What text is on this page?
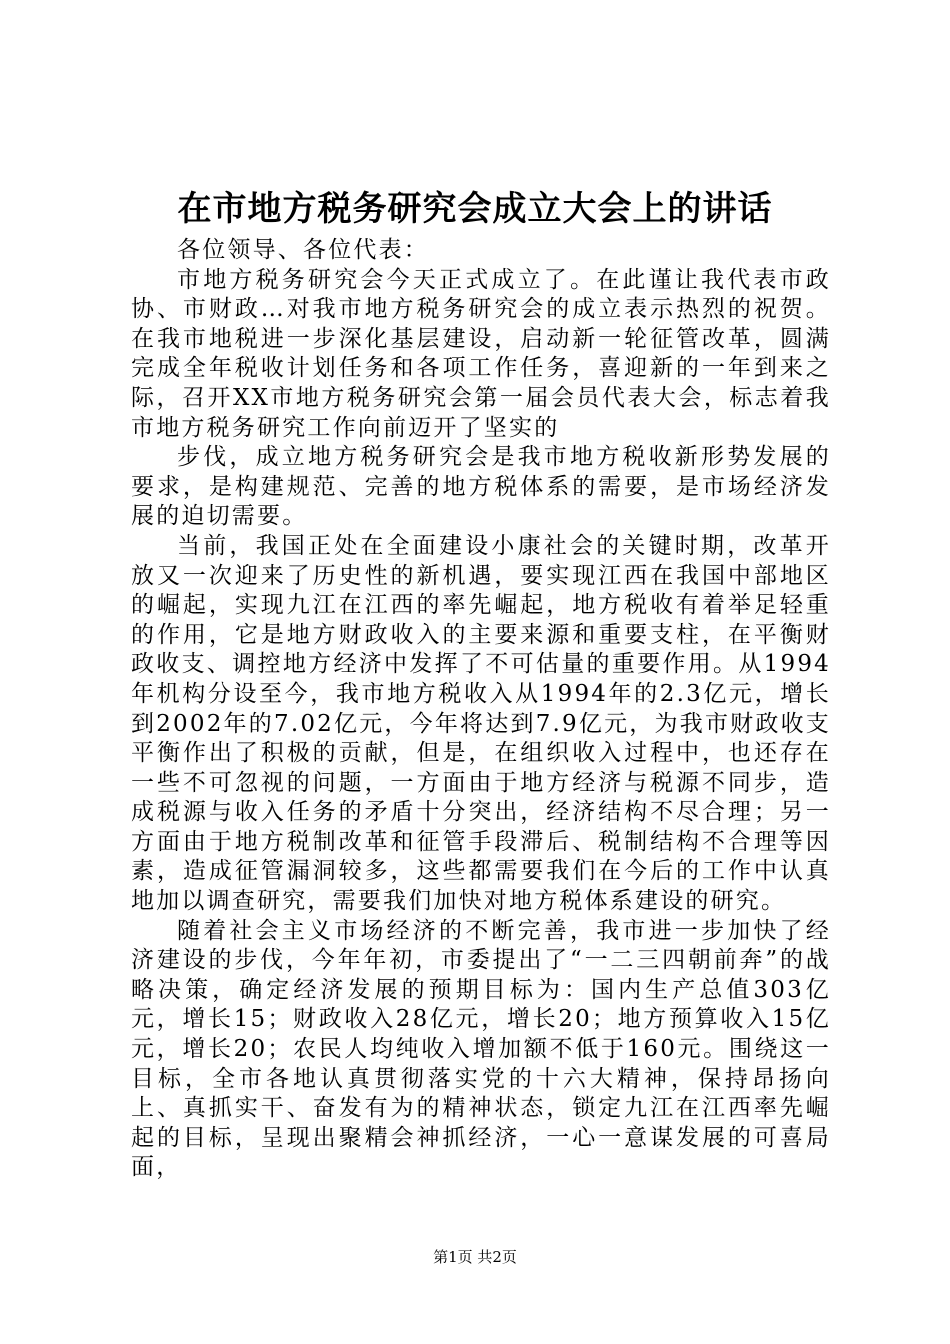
在市地方税务研究会成立大会上的讲话

各位领导、各位代表：

市地方税务研究会今天正式成立了。在此谨让我代表市政协、市财政…对我市地方税务研究会的成立表示热烈的祝贺。在我市地税进一步深化基层建设，启动新一轮征管改革，圆满完成全年税收计划任务和各项工作任务，喜迎新的一年到来之际，召开XX市地方税务研究会第一届会员代表大会，标志着我市地方税务研究工作向前迈开了坚实的

步伐，成立地方税务研究会是我市地方税收新形势发展的要求，是构建规范、完善的地方税体系的需要，是市场经济发展的迫切需要。

当前，我国正处在全面建设小康社会的关键时期，改革开放又一次迎来了历史性的新机遇，要实现江西在我国中部地区的崛起，实现九江在江西的率先崛起，地方税收有着举足轻重的作用，它是地方财政收入的主要来源和重要支柱，在平衡财政收支、调控地方经济中发挥了不可估量的重要作用。从1994年机构分设至今，我市地方税收入从1994年的2.3亿元，增长到2002年的7.02亿元，今年将达到7.9亿元，为我市财政收支平衡作出了积极的贡献，但是，在组织收入过程中，也还存在一些不可忽视的问题，一方面由于地方经济与税源不同步，造成税源与收入任务的矛盾十分突出，经济结构不尽合理；另一方面由于地方税制改革和征管手段滞后、税制结构不合理等因素，造成征管漏洞较多，这些都需要我们在今后的工作中认真地加以调查研究，需要我们加快对地方税体系建设的研究。

随着社会主义市场经济的不断完善，我市进一步加快了经济建设的步伐，今年年初，市委提出了“一二三四朝前奔”的战略决策，确定经济发展的预期目标为：国内生产总值303亿元，增长15；财政收入28亿元，增长20；地方预算收入15亿元，增长20；农民人均纯收入增加额不低于160元。围绕这一目标，全市各地认真贯彻落实党的十六大精神，保持昂扬向上、真抓实干、奋发有为的精神状态，锁定九江在江西率先崛起的目标，呈现出聚精会神抓经济，一心一意谋发展的可喜局面，

第1页 共2页
